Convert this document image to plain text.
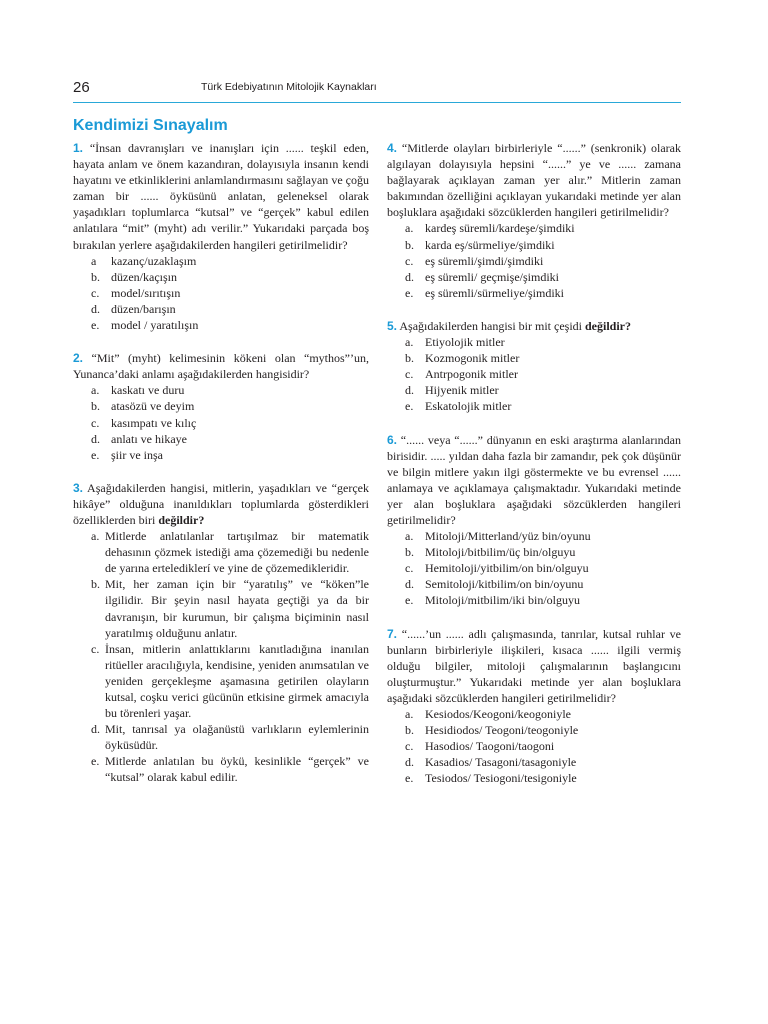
26	Türk Edebiyatının Mitolojik Kaynakları
Kendimizi Sınayalım

1. “İnsan davranışları ve inanışları için ...... teşkil eden, hayata anlam ve önem kazandıran, dolayısıyla insanın kendi hayatını ve etkinliklerini anlamlandırmasını sağlayan ve çoğu zaman bir ...... öyküsünü anlatan, geleneksel olarak yaşadıkları toplumlarca “kutsal” ve “gerçek” kabul edilen anlatılara “mit” (myht) adı verilir.” Yukarıdaki parçada boş bırakılan yerlere aşağıdakilerden hangileri getirilmelidir?

a kazanç/uzaklaşım
b. düzen/kaçışın
c. model/sırıtışın
d. düzen/barışın
e. model / yaratılışın

2. “Mit” (myht) kelimesinin kökeni olan “mythos”’un, Yunanca’daki anlamı aşağıdakilerden hangisidir?

a. kaskatı ve duru
b. atasözü ve deyim
c. kasımpatı ve kılıç
d. anlatı ve hikaye
e. şiir ve inşa

3. Aşağıdakilerden hangisi, mitlerin, yaşadıkları ve “gerçek hikâye” olduğuna inanıldıkları toplumlarda gösterdikleri özelliklerden biri değildir?

a. Mitlerde anlatılanlar tartışılmaz bir matematik dehasının çözmek istediği ama çözemediği bu nedenle de yarına ertelediklerí ve yine de çözemedikleridir.
b. Mit, her zaman için bir “yaratılış” ve “köken”le ilgilidir. Bir şeyin nasıl hayata geçtiği ya da bir davranışın, bir kurumun, bir çalışma biçiminin nasıl yaratılmış olduğunu anlatır.
c. İnsan, mitlerin anlattıklarını kanıtladığına inanılan ritüeller aracılığıyla, kendisine, yeniden anımsatılan ve yeniden gerçekleşme aşamasına getirilen olayların kutsal, coşku verici gücünün etkisine girmek amacıyla bu törenleri yaşar.
d. Mit, tanrısal ya olağanüstü varlıkların eylemlerinin öyküsüdür.
e. Mitlerde anlatılan bu öykü, kesinlikle “gerçek” ve “kutsal” olarak kabul edilir.

4. “Mitlerde olayları birbirleriyle “......” (senkronik) olarak algılayan dolayısıyla hepsini “......” ye ve ...... zamana bağlayarak açıklayan zaman yer alır.” Mitlerin zaman bakımından özelliğini açıklayan yukarıdaki metinde yer alan boşluklara aşağıdaki sözcüklerden hangileri getirilmelidir?

a. kardeş süremli/kardeşe/şimdiki
b. karda eş/sürmeliye/şimdiki
c. eş süremli/şimdi/şimdiki
d. eş süremli/ geçmişe/şimdiki
e. eş süremli/sürmeliye/şimdiki

5. Aşağıdakilerden hangisi bir mit çeşidi değildir?

a. Etiyolojik mitler
b. Kozmogonik mitler
c. Antrpogonik mitler
d. Hijyenik mitler
e. Eskatolojik mitler

6. “...... veya “......” dünyanın en eski araştırma alanlarından birisidir. ..... yıldan daha fazla bir zamandır, pek çok düşünür ve bilgin mitlere yakın ilgi göstermekte ve bu evrensel ...... anlamaya ve açıklamaya çalışmaktadır. Yukarıdaki metinde yer alan boşluklara aşağıdaki sözcüklerden hangileri getirilmelidir?

a. Mitoloji/Mitterland/yüz bin/oyunu
b. Mitoloji/bitbilim/üç bin/olguyu
c. Hemitoloji/yitbilim/on bin/olguyu
d. Semitoloji/kitbilim/on bin/oyunu
e. Mitoloji/mitbilim/iki bin/olguyu

7. “......’un ...... adlı çalışmasında, tanrılar, kutsal ruhlar ve bunların birbirleriyle ilişkileri, kısaca ...... ilgili vermiş olduğu bilgiler, mitoloji çalışmalarının başlangıcını oluşturmuştur.” Yukarıdaki metinde yer alan boşluklara aşağıdaki sözcüklerden hangileri getirilmelidir?

a. Kesiodos/Keogoni/keogoniyle
b. Hesidiodos/ Teogoni/teogoniyle
c. Hasodios/ Taogoni/taogoni
d. Kasadios/ Tasagoni/tasagoniyle
e. Tesiodos/ Tesiogoni/tesigoniyle
